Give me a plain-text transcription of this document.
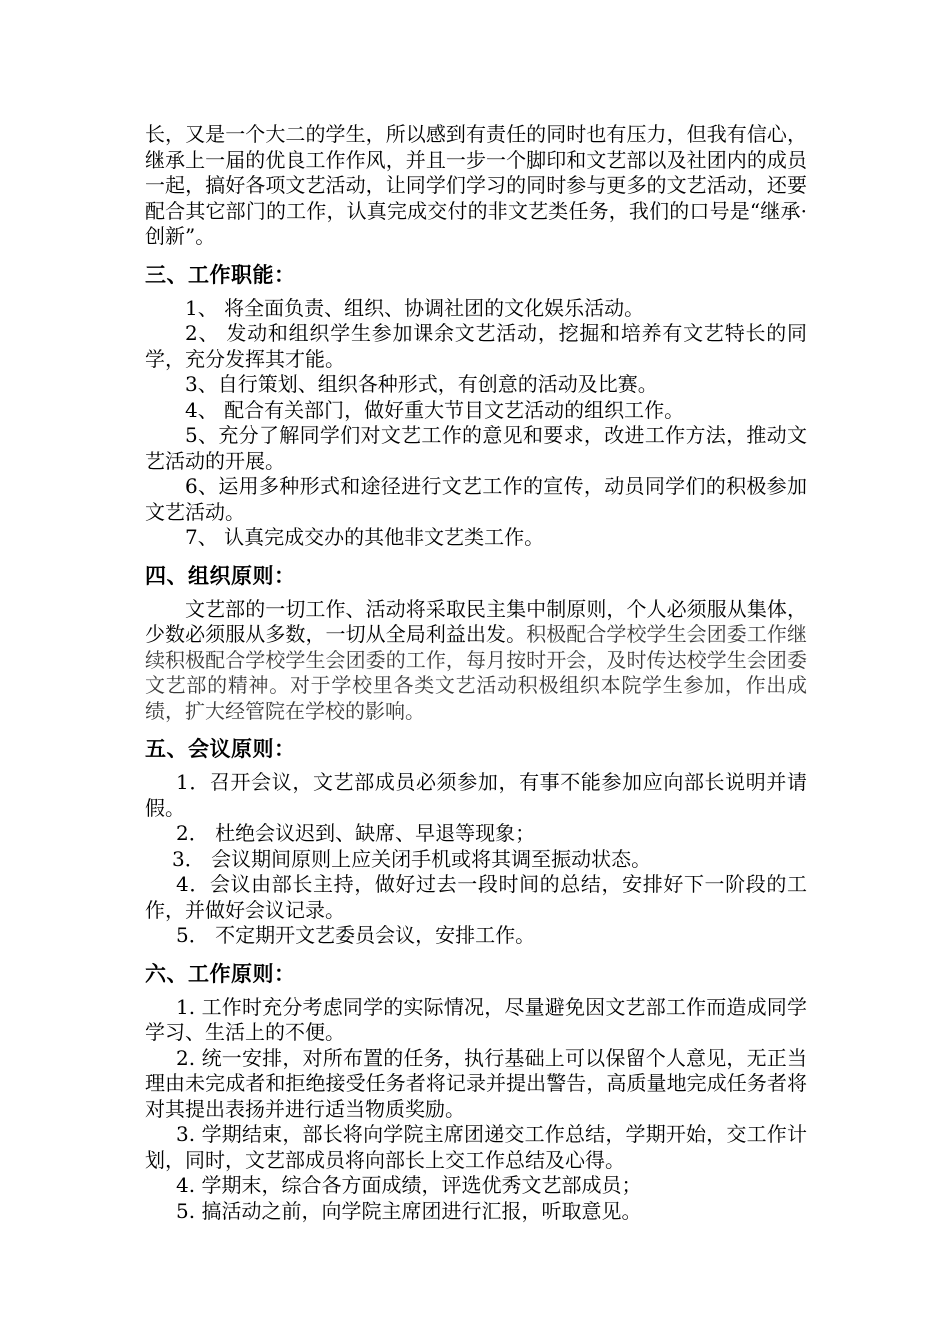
长，又是一个大二的学生，所以感到有责任的同时也有压力，但我有信心，继承上一届的优良工作作风，并且一步一个脚印和文艺部以及社团内的成员一起，搞好各项文艺活动，让同学们学习的同时参与更多的文艺活动，还要配合其它部门的工作，认真完成交付的非文艺类任务，我们的口号是“继承·创新”。

三、工作职能：

1、 将全面负责、组织、协调社团的文化娱乐活动。

2、 发动和组织学生参加课余文艺活动，挖掘和培养有文艺特长的同学，充分发挥其才能。

3、自行策划、组织各种形式，有创意的活动及比赛。

4、 配合有关部门，做好重大节目文艺活动的组织工作。

5、充分了解同学们对文艺工作的意见和要求，改进工作方法，推动文艺活动的开展。

6、运用多种形式和途径进行文艺工作的宣传，动员同学们的积极参加文艺活动。

7、 认真完成交办的其他非文艺类工作。

四、组织原则：

文艺部的一切工作、活动将采取民主集中制原则，个人必须服从集体，少数必须服从多数，一切从全局利益出发。积极配合学校学生会团委工作继续积极配合学校学生会团委的工作，每月按时开会，及时传达校学生会团委文艺部的精神。对于学校里各类文艺活动积极组织本院学生参加，作出成绩，扩大经管院在学校的影响。

五、会议原则：

1．召开会议，文艺部成员必须参加，有事不能参加应向部长说明并请假。

2． 杜绝会议迟到、缺席、早退等现象；

3． 会议期间原则上应关闭手机或将其调至振动状态。

4．会议由部长主持，做好过去一段时间的总结，安排好下一阶段的工作，并做好会议记录。

5． 不定期开文艺委员会议，安排工作。

六、工作原则：

1. 工作时充分考虑同学的实际情况，尽量避免因文艺部工作而造成同学学习、生活上的不便。

2. 统一安排，对所布置的任务，执行基础上可以保留个人意见，无正当理由未完成者和拒绝接受任务者将记录并提出警告，高质量地完成任务者将对其提出表扬并进行适当物质奖励。

3. 学期结束，部长将向学院主席团递交工作总结，学期开始，交工作计划，同时，文艺部成员将向部长上交工作总结及心得。

4. 学期末，综合各方面成绩，评选优秀文艺部成员；

5. 搞活动之前，向学院主席团进行汇报，听取意见。
